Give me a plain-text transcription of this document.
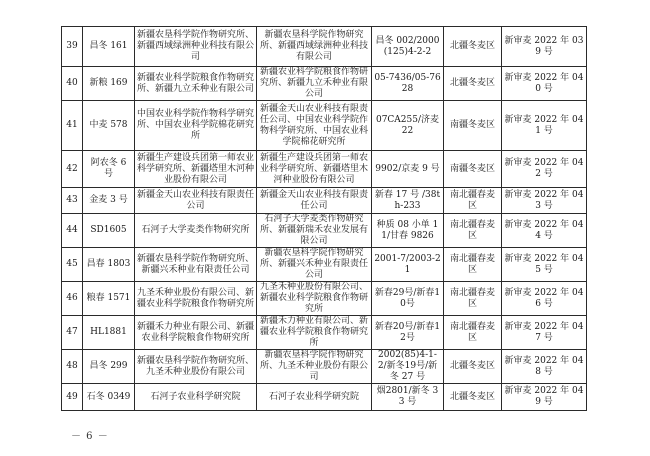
39	昌冬 161	新疆农垦科学院作物研究所、新疆西域绿洲种业科技有限公司	新疆农垦科学院作物研究所、新疆西域绿洲种业科技有限公司	昌冬 002/2000(125)4-2-2	北疆冬麦区	新审麦 2022 年 039 号
40	新粮 169	新疆农业科学院粮食作物研究所、新疆九立禾种业有限公司	新疆农业科学院粮食作物研究所、新疆九立禾种业有限公司	05-7436/05-7628	北疆冬麦区	新审麦 2022 年 040 号
41	中麦 578	中国农业科学院作物科学研究所、中国农业科学院棉花研究所	新疆金天山农业科技有限责任公司、中国农业科学院作物科学研究所、中国农业科学院棉花研究所	07CA255/济麦 22	南疆冬麦区	新审麦 2022 年 041 号
42	阿农冬 6 号	新疆生产建设兵团第一师农业科学研究所、新疆塔里木河种业股份有限公司	新疆生产建设兵团第一师农业科学研究所、新疆塔里木河种业股份有限公司	9902/京麦 9 号	南疆冬麦区	新审麦 2022 年 042 号
43	金麦 3 号	新疆金天山农业科技有限责任公司	新疆金天山农业科技有限责任公司	新春 17 号 /38th-233	南北疆春麦区	新审麦 2022 年 043 号
44	SD1605	石河子大学麦类作物研究所	石河子大学麦类作物研究所、新疆新瑞禾农业发展有限公司	种质 08 小单 11/甘春 9826	南北疆春麦区	新审麦 2022 年 044 号
45	昌春 1803	新疆农垦科学院作物研究所、新疆兴禾种业有限责任公司	新疆农垦科学院作物研究所、新疆兴禾种业有限责任公司	2001-7/2003-21	南北疆春麦区	新审麦 2022 年 045 号
46	粮春 1571	九圣禾种业股份有限公司、新疆农业科学院粮食作物研究所	九圣禾种业股份有限公司、新疆农业科学院粮食作物研究所	新春29号/新春10号	南北疆春麦区	新审麦 2022 年 046 号
47	HL1881	新疆禾力种业有限公司、新疆农业科学院粮食作物研究所	新疆禾力种业有限公司、新疆农业科学院粮食作物研究所	新春20号/新春12号	南北疆春麦区	新审麦 2022 年 047 号
48	昌冬 299	新疆农垦科学院作物研究所、九圣禾种业股份有限公司	新疆农垦科学院作物研究所、九圣禾种业股份有限公司	2002(85)4-1-2/新冬19号/新冬 27 号	北疆冬麦区	新审麦 2022 年 048 号
49	石冬 0349	石河子农业科学研究院	石河子农业科学研究院	烟2801/新冬 33 号	北疆冬麦区	新审麦 2022 年 049 号
－ 6 －
